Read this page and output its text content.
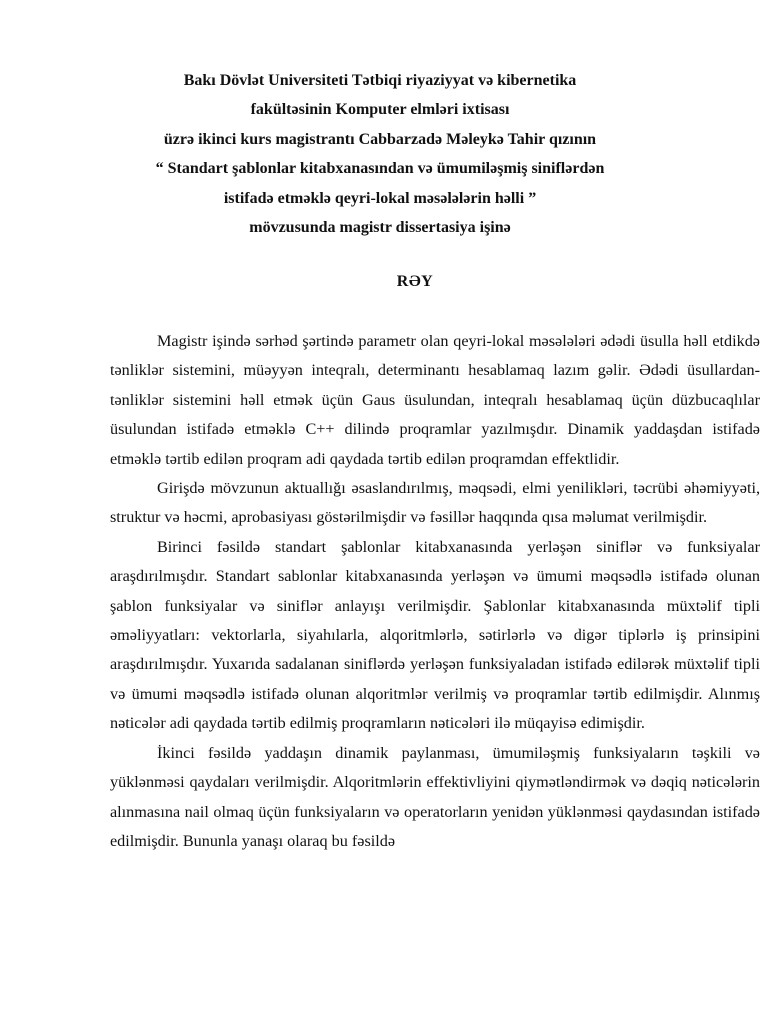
Bakı Dövlət Universiteti Tətbiqi riyaziyyat və kibernetika
fakültəsinin Komputer elmləri ixtisası
üzrə ikinci kurs magistrantı Cabbarzadə Məleykə Tahir qızının
“ Standart şablonlar kitabxanasından və ümumiləşmiş siniflərdən
istifadə etməklə qeyri-lokal məsələlərin həlli ”
mövzusunda magistr dissertasiya işinə
RƏY

Magistr işində sərhəd şərtində parametr olan qeyri-lokal məsələləri ədədi üsulla həll etdikdə tənliklər sistemini, müəyyən inteqralı, determinantı hesablamaq lazım gəlir. Ədədi üsullardan-tənliklər sistemini həll etmək üçün Gaus üsulundan, inteqralı hesablamaq üçün düzbucaqlılar üsulundan istifadə etməklə C++ dilində proqramlar yazılmışdır. Dinamik yaddaşdan istifadə etməklə tərtib edilən proqram adi qaydada tərtib edilən proqramdan effektlidir.

Girişdə mövzunun aktuallığı əsaslandırılmış, məqsədi, elmi yenilikləri, təcrübi əhəmiyyəti, struktur və həcmi, aprobasiyası göstərilmişdir və fəsillər haqqında qısa məlumat verilmişdir.

Birinci fəsildə standart şablonlar kitabxanasında yerləşən siniflər və funksiyalar araşdırılmışdır. Standart sablonlar kitabxanasında yerləşən və ümumi məqsədlə istifadə olunan şablon funksiyalar və siniflər anlayışı verilmişdir. Şablonlar kitabxanasında müxtəlif tipli əməliyyatları: vektorlarla, siyahılarla, alqoritmlərlə, sətirlərlə və digər tiplərlə iş prinsipini araşdırılmışdır. Yuxarıda sadalanan siniflərdə yerləşən funksiyaladan istifadə edilərək müxtəlif tipli və ümumi məqsədlə istifadə olunan alqoritmlər verilmiş və proqramlar tərtib edilmişdir. Alınmış nəticələr adi qaydada tərtib edilmiş proqramların nəticələri ilə müqayisə edimişdir.

İkinci fəsildə yaddaşın dinamik paylanması, ümumiləşmiş funksiyaların təşkili və yüklənməsi qaydaları verilmişdir. Alqoritmlərin effektivliyini qiymətləndirmək və dəqiq nəticələrin alınmasına nail olmaq üçün funksiyaların və operatorların yenidən yüklənməsi qaydasından istifadə edilmişdir. Bununla yanaşı olaraq bu fəsildə
